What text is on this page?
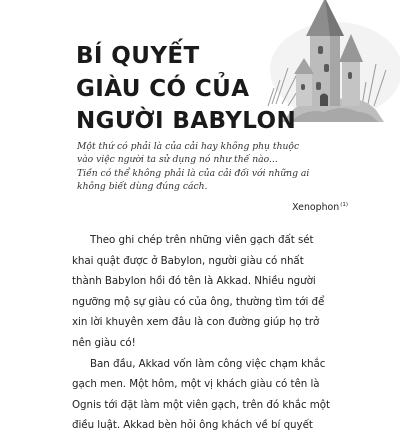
BÍ QUYẾT
GIÀU CÓ CỦA
NGƯỜI BABYLON
Một thứ có phải là của cải hay không phụ thuộc
vào việc người ta sử dụng nó như thế nào...
Tiền có thể không phải là của cải đối với những ai
không biết dùng đúng cách.
Xenophon$^{(1)}$

Theo ghi chép trên những viên gạch đất sét
khai quật được ở Babylon, người giàu có nhất
thành Babylon hồi đó tên là Akkad. Nhiều người
ngưỡng mộ sự giàu có của ông, thường tìm tới để
xin lời khuyên xem đâu là con đường giúp họ trở
nên giàu có!

Ban đầu, Akkad vốn làm công việc chạm khắc
gạch men. Một hôm, một vị khách giàu có tên là
Ognis tới đặt làm một viên gạch, trên đó khắc một
điều luật. Akkad bèn hỏi ông khách về bí quyết
